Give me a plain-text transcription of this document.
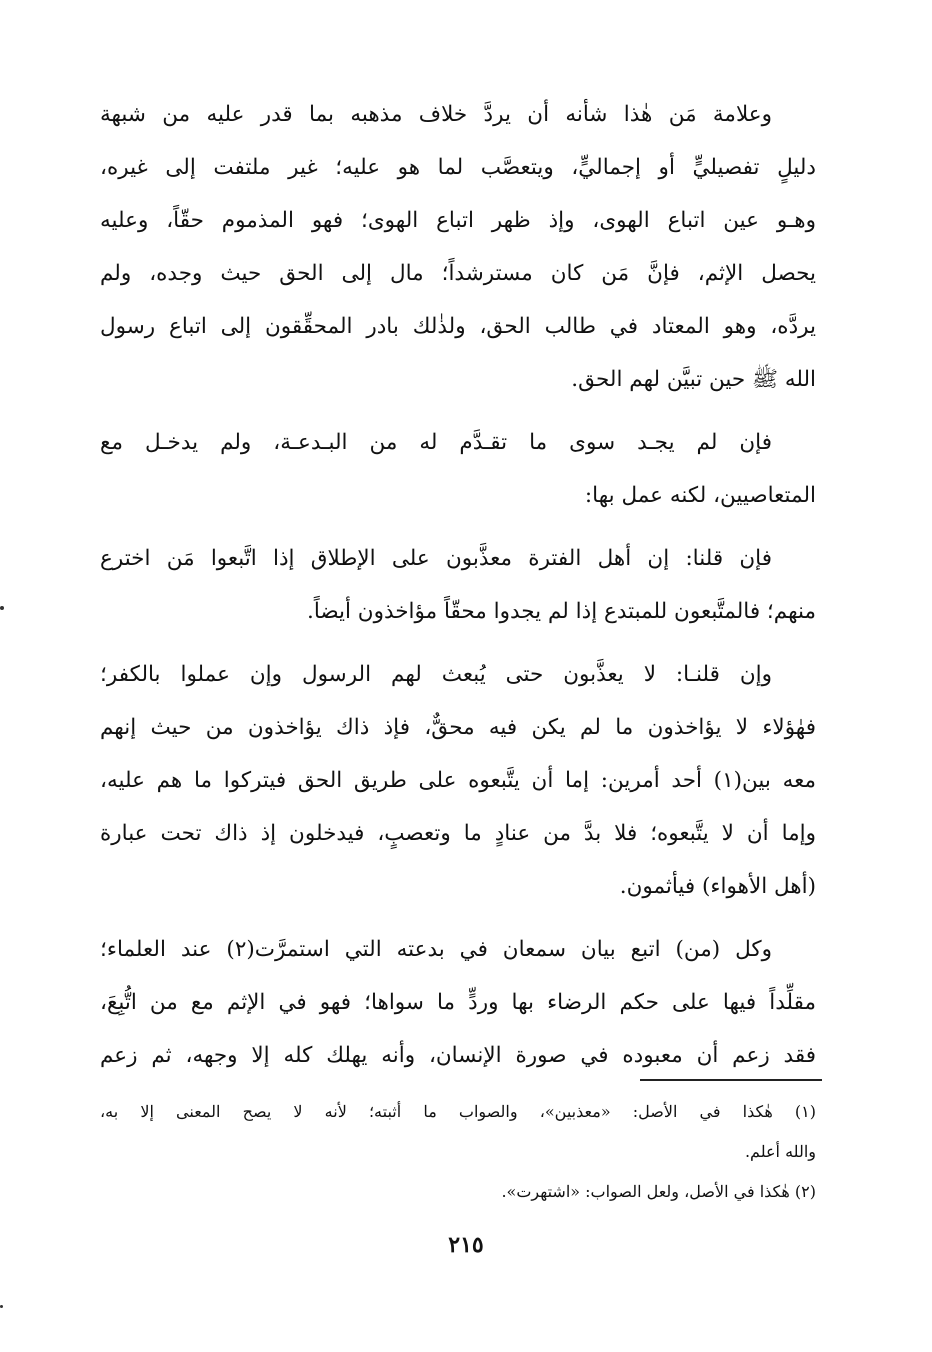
وعلامة مَن هٰذا شأنه أن يردَّ خلاف مذهبه بما قدر عليه من شبهة
دليلٍ تفصيليٍّ أو إجماليٍّ، ويتعصَّب لما هو عليه؛ غير ملتفت إلى غيره،
وهـو عين اتباع الهوى، وإذ ظهر اتباع الهوى؛ فهو المذموم حقّاً، وعليه
يحصل الإثم، فإنَّ مَن كان مسترشداً؛ مال إلى الحق حيث وجده، ولم
يردَّه، وهو المعتاد في طالب الحق، ولذٰلك بادر المحقِّقون إلى اتباع رسول
الله ﷺ حين تبيَّن لهم الحق.
فإن لم يجـد سوى ما تقـدَّم له من البـدعـة، ولم يدخـل مع
المتعاصيين، لكنه عمل بها:
فإن قلنا: إن أهل الفترة معذَّبون على الإطلاق إذا اتَّبعوا مَن اخترع
منهم؛ فالمتَّبعون للمبتدع إذا لم يجدوا محقّاً مؤاخذون أيضاً.
وإن قلنـا: لا يعذَّبون حتى يُبعث لهم الرسول وإن عملوا بالكفر؛
فهٰؤلاء لا يؤاخذون ما لم يكن فيه محقٌّ، فإذ ذاك يؤاخذون من حيث إنهم
معه بين(١) أحد أمرين: إما أن يتَّبعوه على طريق الحق فيتركوا ما هم عليه،
وإما أن لا يتَّبعوه؛ فلا بدَّ من عنادٍ ما وتعصبٍ، فيدخلون إذ ذاك تحت عبارة
(أهل الأهواء) فيأثمون.
وكل (من) اتبع بيان سمعان في بدعته التي استمرَّت(٢) عند العلماء؛
مقلِّداً فيها على حكم الرضاء بها وردٍّ ما سواها؛ فهو في الإثم مع من اتُّبِعَ،
فقد زعم أن معبوده في صورة الإنسان، وأنه يهلك كله إلا وجهه، ثم زعم
(١) هٰكذا في الأصل: «معذبين»، والصواب ما أثبته؛ لأنه لا يصح المعنى إلا به،
والله أعلم.
(٢) هٰكذا في الأصل، ولعل الصواب: «اشتهرت».
٢١٥
